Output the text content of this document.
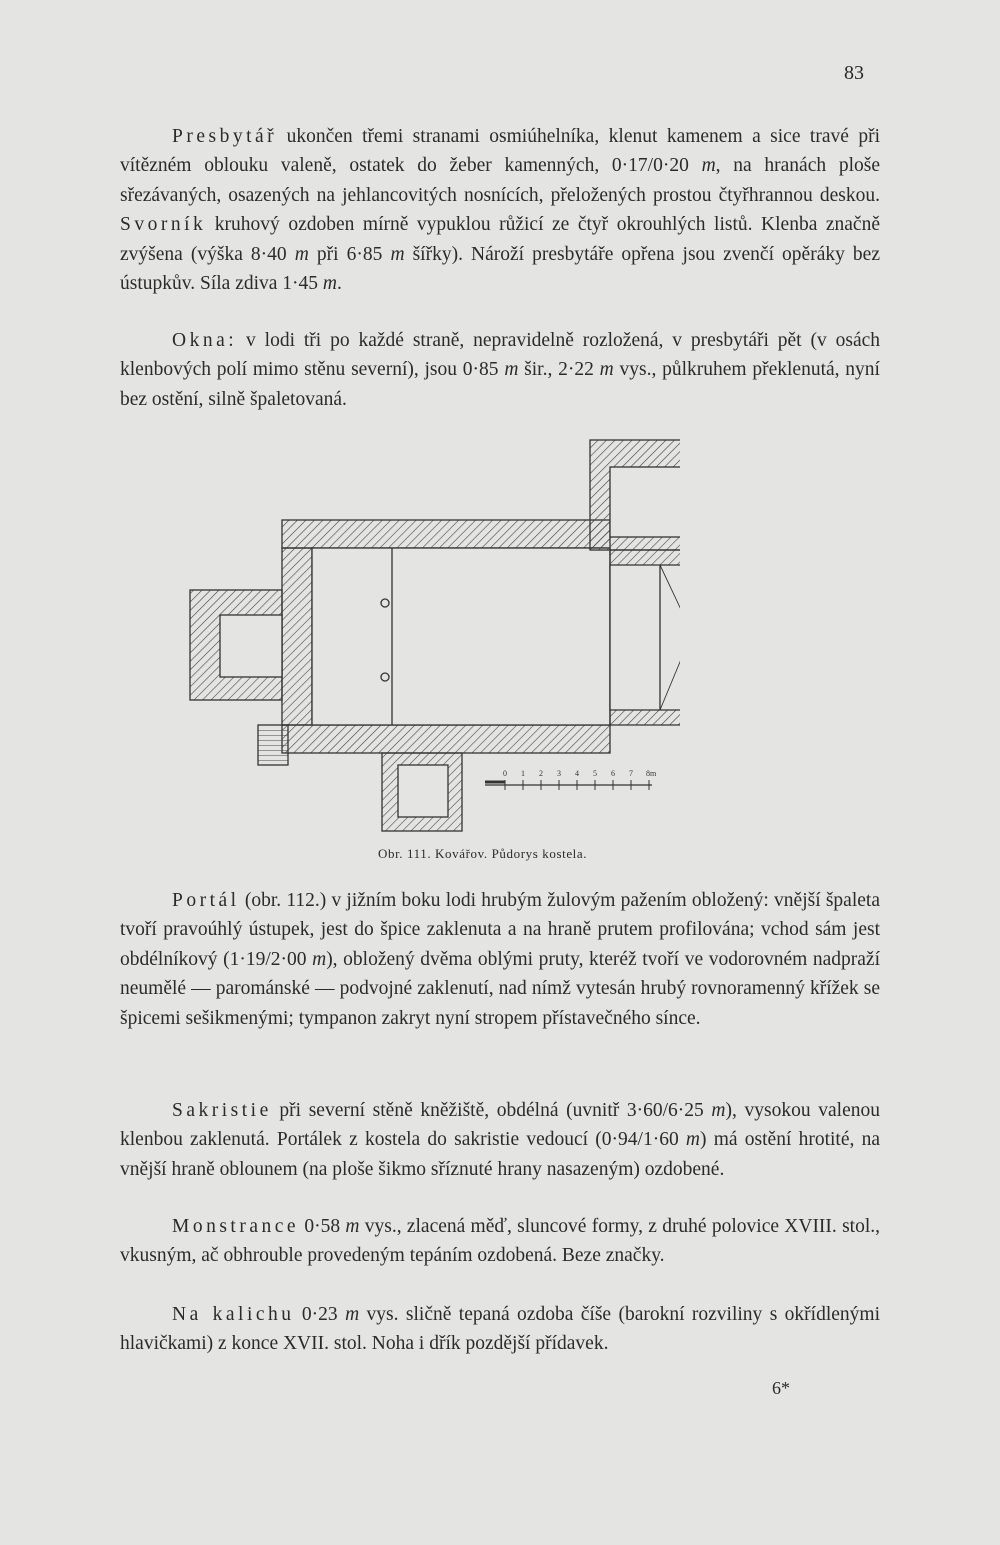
83

Presbytář ukončen třemi stranami osmiúhelníka, klenut kamenem a sice travé při vítězném oblouku valeně, ostatek do žeber kamenných, 0·17/0·20 m, na hranách ploše sřezávaných, osazených na jehlancovitých nosnících, přeložených prostou čtyřhrannou deskou. Svorník kruhový ozdoben mírně vypuklou růžicí ze čtyř okrouhlých listů. Klenba značně zvýšena (výška 8·40 m při 6·85 m šířky). Nároží presbytáře opřena jsou zvenčí opěráky bez ústupkův. Síla zdiva 1·45 m.

Okna: v lodi tři po každé straně, nepravidelně rozložená, v presbytáři pět (v osách klenbových polí mimo stěnu severní), jsou 0·85 m šir., 2·22 m vys., půlkruhem překlenutá, nyní bez ostění, silně špaletovaná.

0 1 2 3 4 5 6 7 8m
Obr. 111. Kovářov. Půdorys kostela.

Portál (obr. 112.) v jižním boku lodi hrubým žulovým pažením obložený: vnější špaleta tvoří pravoúhlý ústupek, jest do špice zaklenuta a na hraně prutem profilována; vchod sám jest obdélníkový (1·19/2·00 m), obložený dvěma oblými pruty, kteréž tvoří ve vodorovném nadpraží neumělé — parománské — podvojné zaklenutí, nad nímž vytesán hrubý rovnoramenný křížek se špicemi sešikmenými; tympanon zakryt nyní stropem přístavečného síncе.

Sakristie při severní stěně kněžiště, obdélná (uvnitř 3·60/6·25 m), vysokou valenou klenbou zaklenutá. Portálek z kostela do sakristie vedoucí (0·94/1·60 m) má ostění hrotité, na vnější hraně oblounem (na ploše šikmo sříznuté hrany nasazeným) ozdobené.

Monstrance 0·58 m vys., zlacená měď, sluncové formy, z druhé polovice XVIII. stol., vkusným, ač obhrouble provedeným tepáním ozdobená. Beze značky.

Na kalichu 0·23 m vys. sličně tepaná ozdoba číše (barokní rozviliny s okřídlenými hlavičkami) z konce XVII. stol. Noha i dřík pozdější přídavek.

6*
